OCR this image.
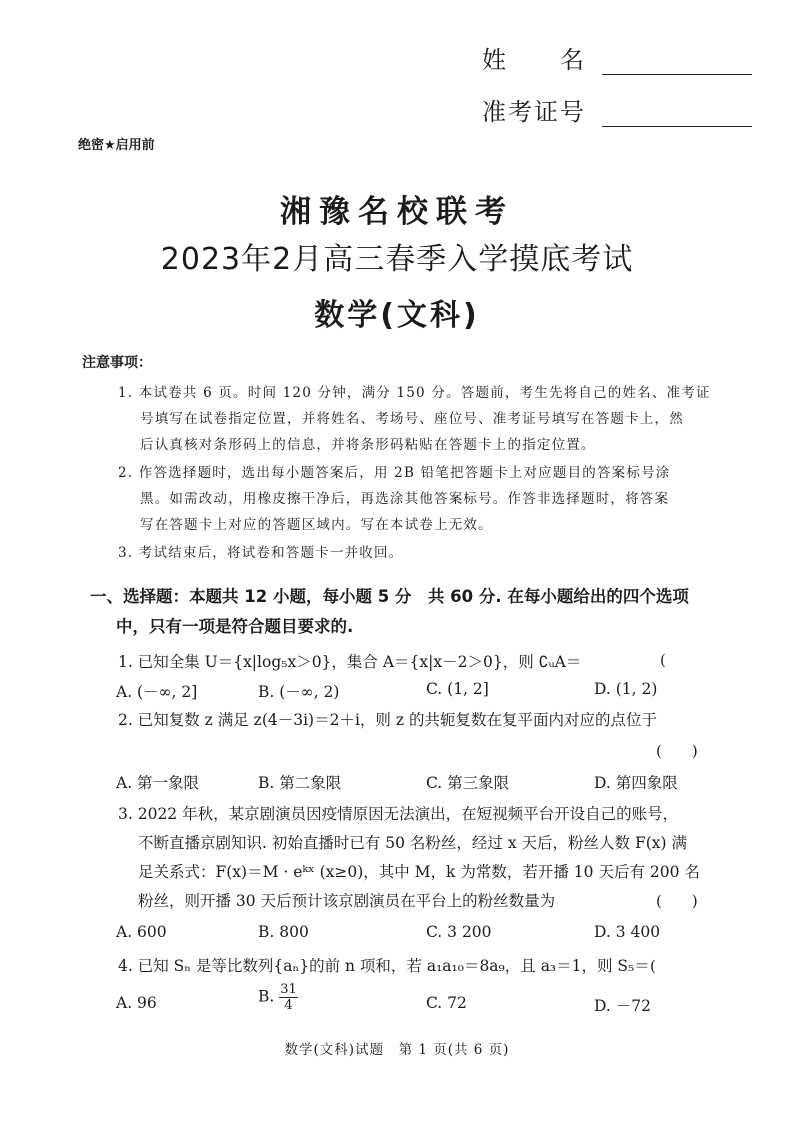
姓　　名
准考证号
绝密★启用前
湘豫名校联考
2023年2月高三春季入学摸底考试
数学(文科)
注意事项：
1. 本试卷共 6 页。时间 120 分钟，满分 150 分。答题前，考生先将自己的姓名、准考证
号填写在试卷指定位置，并将姓名、考场号、座位号、准考证号填写在答题卡上，然
后认真核对条形码上的信息，并将条形码粘贴在答题卡上的指定位置。
2. 作答选择题时，选出每小题答案后，用 2B 铅笔把答题卡上对应题目的答案标号涂
黑。如需改动，用橡皮擦干净后，再选涂其他答案标号。作答非选择题时，将答案
写在答题卡上对应的答题区域内。写在本试卷上无效。
3. 考试结束后，将试卷和答题卡一并收回。
一、选择题：本题共 12 小题，每小题 5 分　共 60 分. 在每小题给出的四个选项
中，只有一项是符合题目要求的.
1. 已知全集 U＝{x|log₅x＞0}，集合 A＝{x|x－2＞0}，则 ∁ᵤA＝	(
A. (－∞, 2]	B. (－∞, 2)	C. (1, 2]	D. (1, 2)
2. 已知复数 z 满足 z(4－3i)＝2＋i，则 z 的共轭复数在复平面内对应的点位于
(　　)
A. 第一象限	B. 第二象限	C. 第三象限	D. 第四象限
3. 2022 年秋，某京剧演员因疫情原因无法演出，在短视频平台开设自己的账号，
不断直播京剧知识. 初始直播时已有 50 名粉丝，经过 x 天后，粉丝人数 F(x) 满
足关系式：F(x)＝M · eᵏˣ (x≥0)，其中 M，k 为常数，若开播 10 天后有 200 名
粉丝，则开播 30 天后预计该京剧演员在平台上的粉丝数量为	(　　)
A. 600	B. 800	C. 3 200	D. 3 400
4. 已知 Sₙ 是等比数列{aₙ}的前 n 项和，若 a₁a₁₀＝8a₉，且 a₃＝1，则 S₅＝ (　　
A. 96	B. $\frac{31}{4}$	C. 72	D. －72
数学(文科)试题　第 1 页(共 6 页)
